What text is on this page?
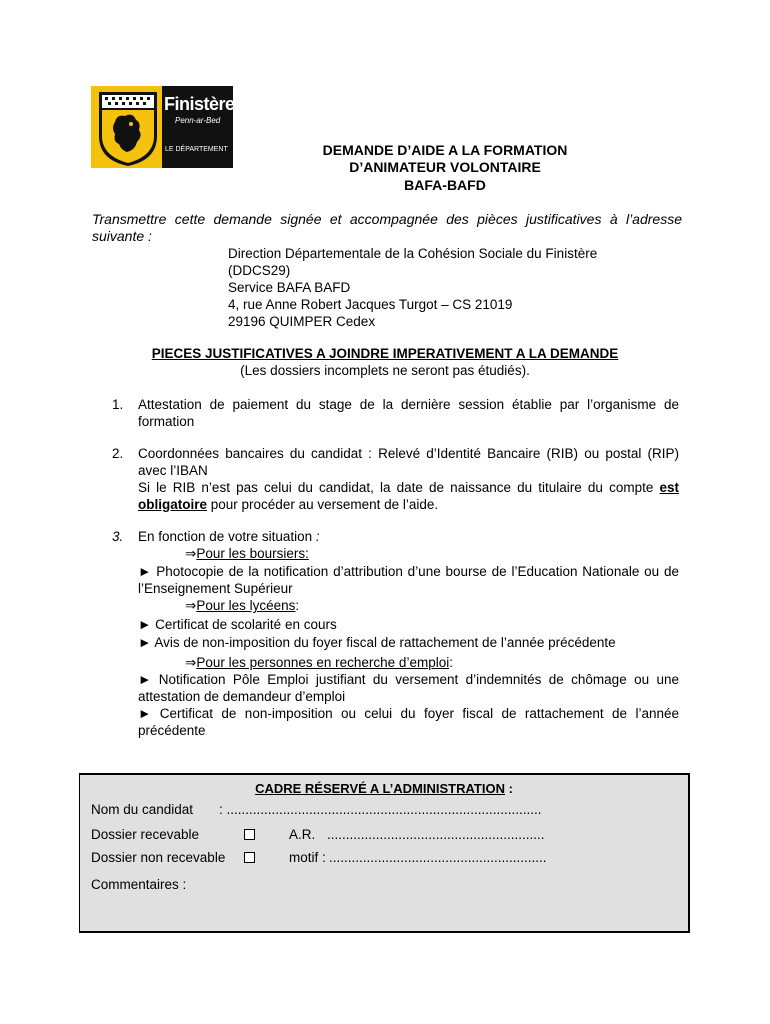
Finistère
Penn-ar-Bed
LE DÉPARTEMENT	DEMANDE D’AIDE A LA FORMATION
D’ANIMATEUR VOLONTAIRE
BAFA-BAFD
Transmettre cette demande signée et accompagnée des pièces justificatives à l’adresse suivante :
Direction Départementale de la Cohésion Sociale du Finistère
(DDCS29)
Service BAFA BAFD
4, rue Anne Robert Jacques Turgot – CS 21019
29196 QUIMPER Cedex
PIECES JUSTIFICATIVES A JOINDRE IMPERATIVEMENT A LA DEMANDE
(Les dossiers incomplets ne seront pas étudiés).
1. Attestation de paiement du stage de la dernière session établie par l’organisme de formation
2. Coordonnées bancaires du candidat : Relevé d’Identité Bancaire (RIB) ou postal (RIP) avec l’IBAN
Si le RIB n’est pas celui du candidat, la date de naissance du titulaire du compte est obligatoire pour procéder au versement de l’aide.
3. En fonction de votre situation :
⇒Pour les boursiers:
► Photocopie de la notification d’attribution d’une bourse de l’Education Nationale ou de l’Enseignement Supérieur
⇒Pour les lycéens:
► Certificat de scolarité en cours
► Avis de non-imposition du foyer fiscal de rattachement de l’année précédente
⇒Pour les personnes en recherche d’emploi:
► Notification Pôle Emploi justifiant du versement d’indemnités de chômage ou une attestation de demandeur d’emploi
► Certificat de non-imposition ou celui du foyer fiscal de rattachement de l’année précédente
CADRE RÉSERVÉ A L’ADMINISTRATION :
Nom du candidat : ....................................................................................
Dossier recevable	A.R. ..........................................................
Dossier non recevable	motif : ..........................................................
Commentaires :
